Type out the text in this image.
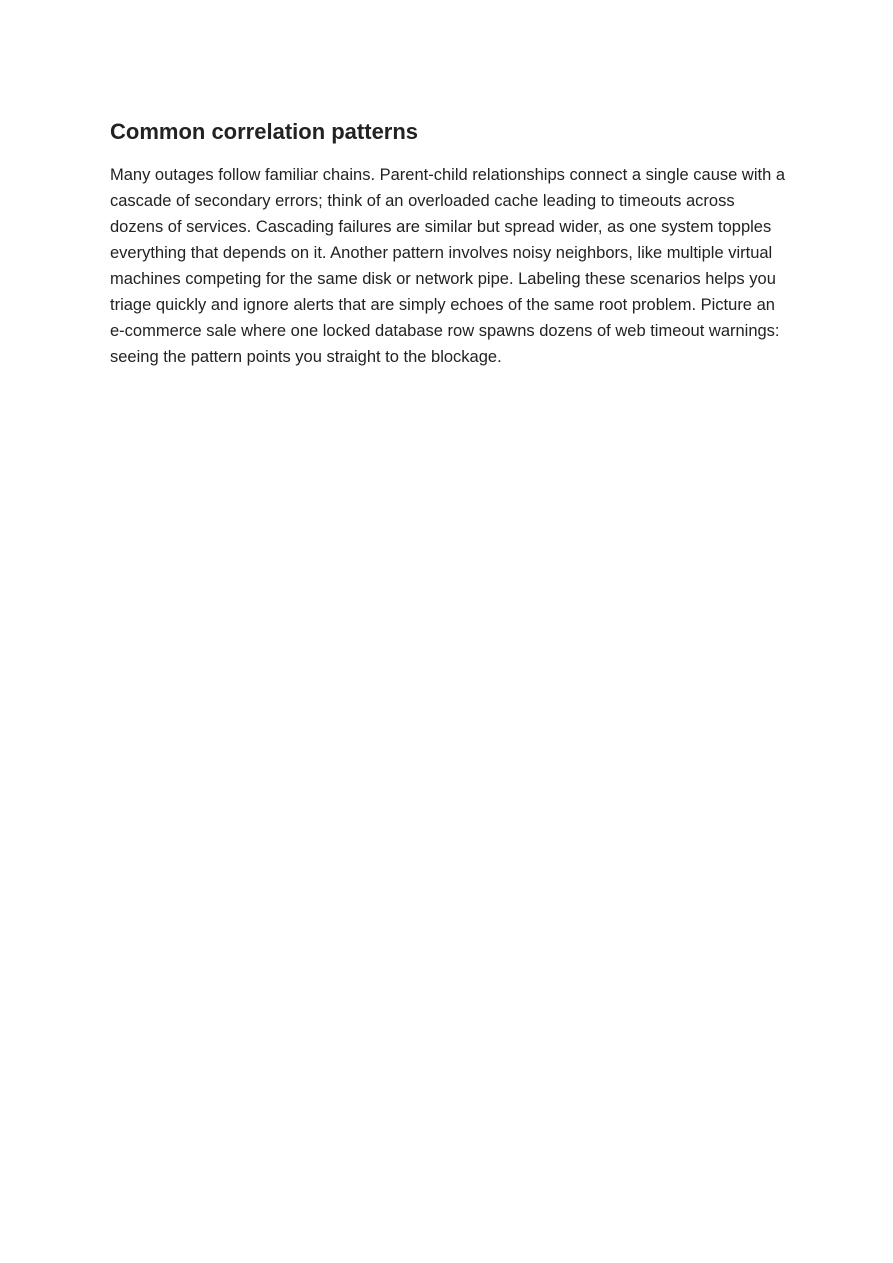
Common correlation patterns

Many outages follow familiar chains. Parent-child relationships connect a single cause with a cascade of secondary errors; think of an overloaded cache leading to timeouts across dozens of services. Cascading failures are similar but spread wider, as one system topples everything that depends on it. Another pattern involves noisy neighbors, like multiple virtual machines competing for the same disk or network pipe. Labeling these scenarios helps you triage quickly and ignore alerts that are simply echoes of the same root problem. Picture an e-commerce sale where one locked database row spawns dozens of web timeout warnings: seeing the pattern points you straight to the blockage.
